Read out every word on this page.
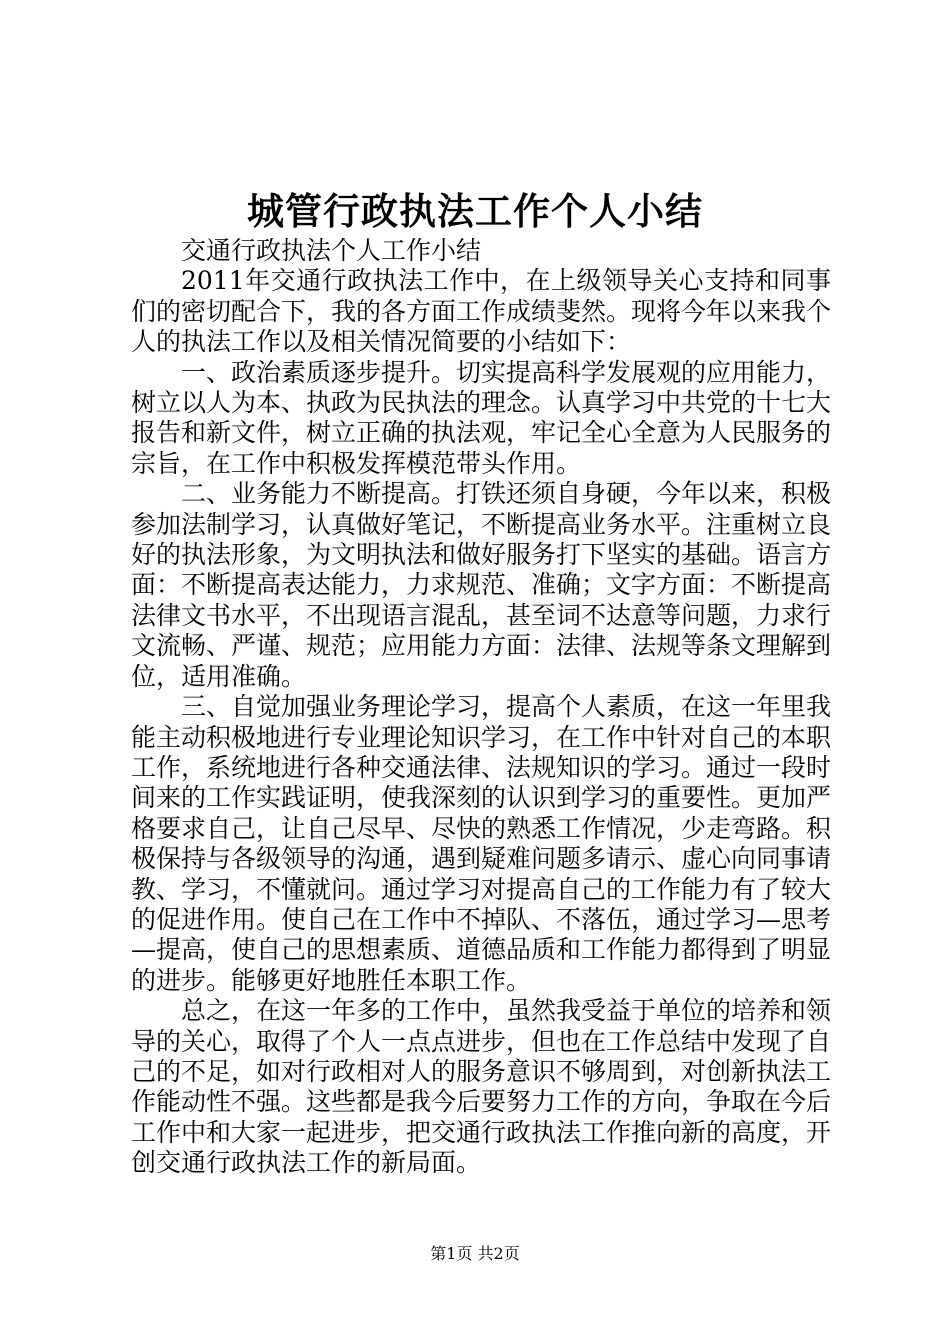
城管行政执法工作个人小结

交通行政执法个人工作小结

2011年交通行政执法工作中，在上级领导关心支持和同事们的密切配合下，我的各方面工作成绩斐然。现将今年以来我个人的执法工作以及相关情况简要的小结如下：

一、政治素质逐步提升。切实提高科学发展观的应用能力，树立以人为本、执政为民执法的理念。认真学习中共党的十七大报告和新文件，树立正确的执法观，牢记全心全意为人民服务的宗旨，在工作中积极发挥模范带头作用。

二、业务能力不断提高。打铁还须自身硬，今年以来，积极参加法制学习，认真做好笔记，不断提高业务水平。注重树立良好的执法形象，为文明执法和做好服务打下坚实的基础。语言方面：不断提高表达能力，力求规范、准确；文字方面：不断提高法律文书水平，不出现语言混乱，甚至词不达意等问题，力求行文流畅、严谨、规范；应用能力方面：法律、法规等条文理解到位，适用准确。

三、自觉加强业务理论学习，提高个人素质，在这一年里我能主动积极地进行专业理论知识学习，在工作中针对自己的本职工作，系统地进行各种交通法律、法规知识的学习。通过一段时间来的工作实践证明，使我深刻的认识到学习的重要性。更加严格要求自己，让自己尽早、尽快的熟悉工作情况，少走弯路。积极保持与各级领导的沟通，遇到疑难问题多请示、虚心向同事请教、学习，不懂就问。通过学习对提高自己的工作能力有了较大的促进作用。使自己在工作中不掉队、不落伍，通过学习—思考—提高，使自己的思想素质、道德品质和工作能力都得到了明显的进步。能够更好地胜任本职工作。

总之，在这一年多的工作中，虽然我受益于单位的培养和领导的关心，取得了个人一点点进步，但也在工作总结中发现了自己的不足，如对行政相对人的服务意识不够周到，对创新执法工作能动性不强。这些都是我今后要努力工作的方向，争取在今后工作中和大家一起进步，把交通行政执法工作推向新的高度，开创交通行政执法工作的新局面。

第1页 共2页
